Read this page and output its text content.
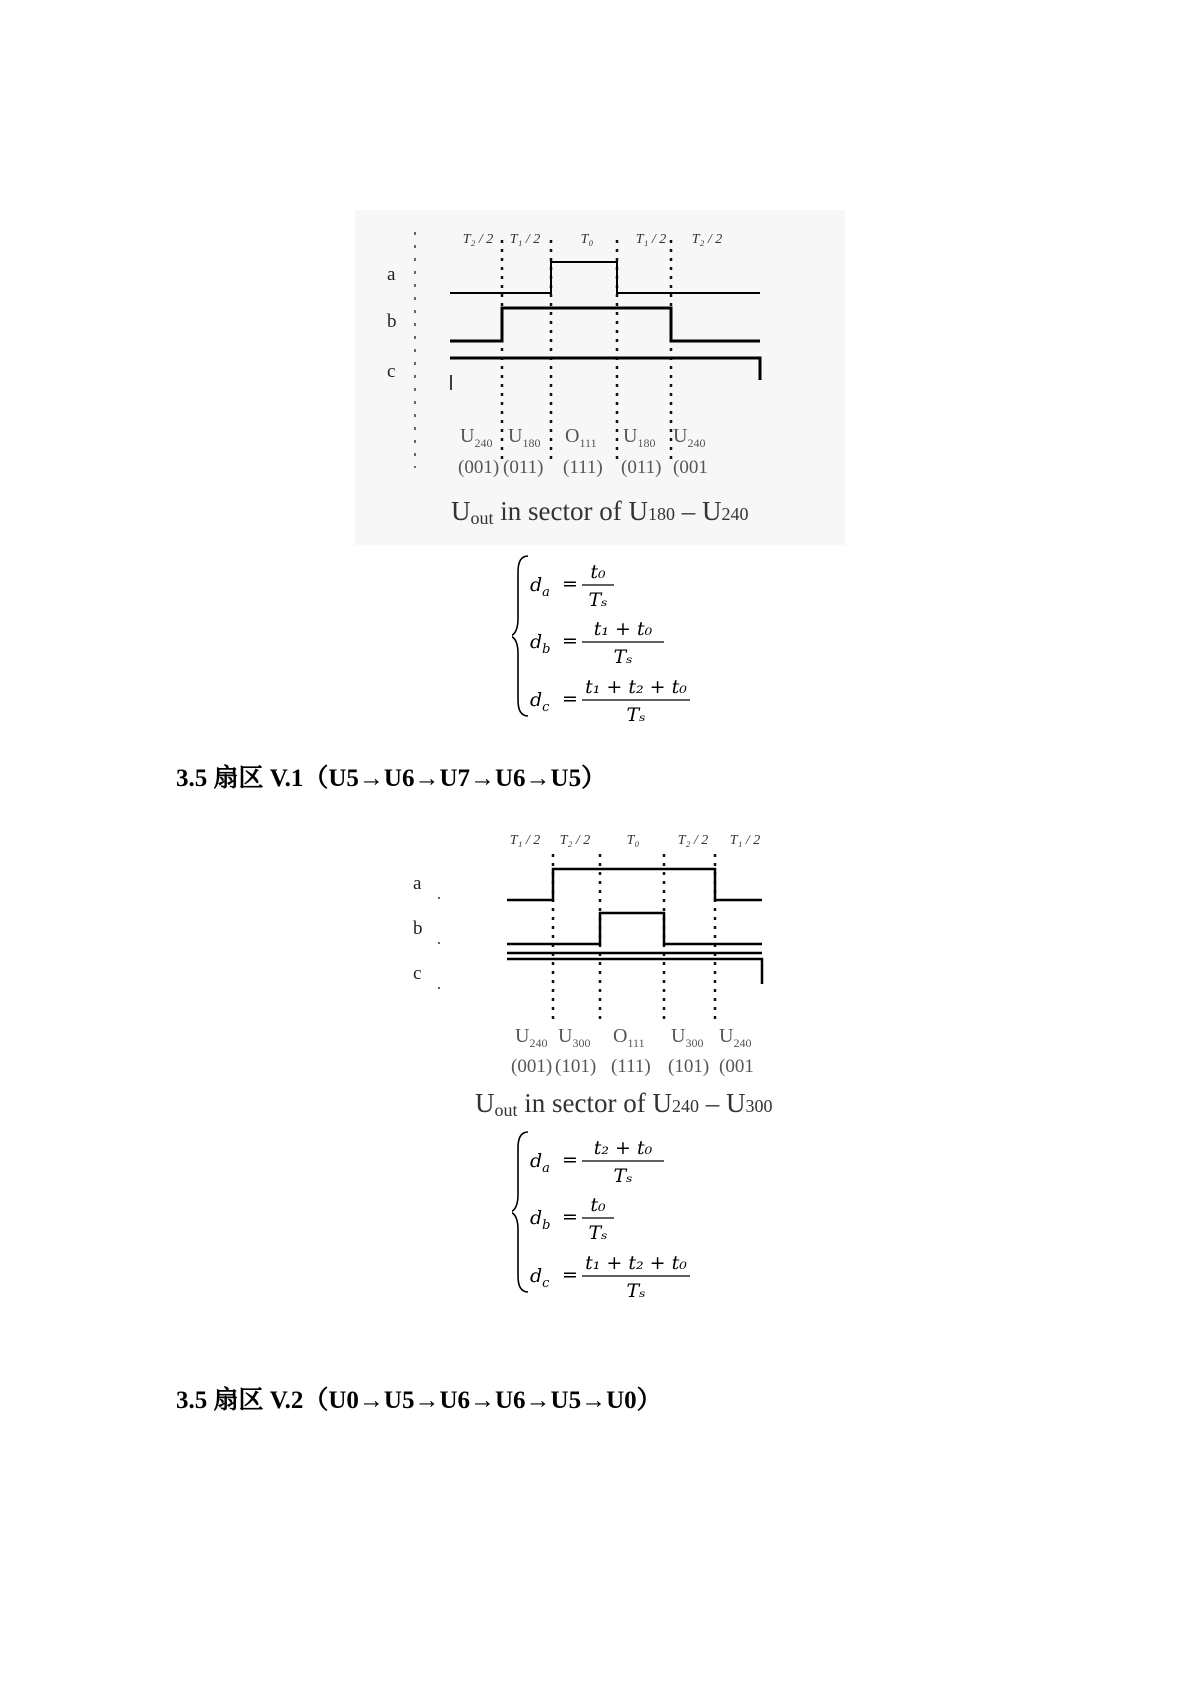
T₂ / 2 T₁ / 2	T₀	T₁ / 2 T₂ / 2
a
b
c
$U_{240}$ $U_{180}$ $O_{111}$ $U_{180}$ $U_{240}$
(001) (011) (111) (011) (001
Uout in sector of U180 – U240
$d_a$ =
t₀
Tₛ
$d_b$ =
t₁ + t₀
Tₛ
$d_c$ =
t₁ + t₂ + t₀
Tₛ
3.5 扇区 V.1（U5→U6→U7→U6→U5）
T₁ / 2 T₂ / 2	T₀	T₂ / 2 T₁ / 2
a
b
c
$U_{240}$ $U_{300}$ $O_{111}$ $U_{300}$ $U_{240}$
(001) (101) (111) (101) (001
Uout in sector of U240 – U300
$d_a$ =
t₂ + t₀
Tₛ
$d_b$ =
t₀
Tₛ
$d_c$ =
t₁ + t₂ + t₀
Tₛ
3.5 扇区 V.2（U0→U5→U6→U6→U5→U0）
